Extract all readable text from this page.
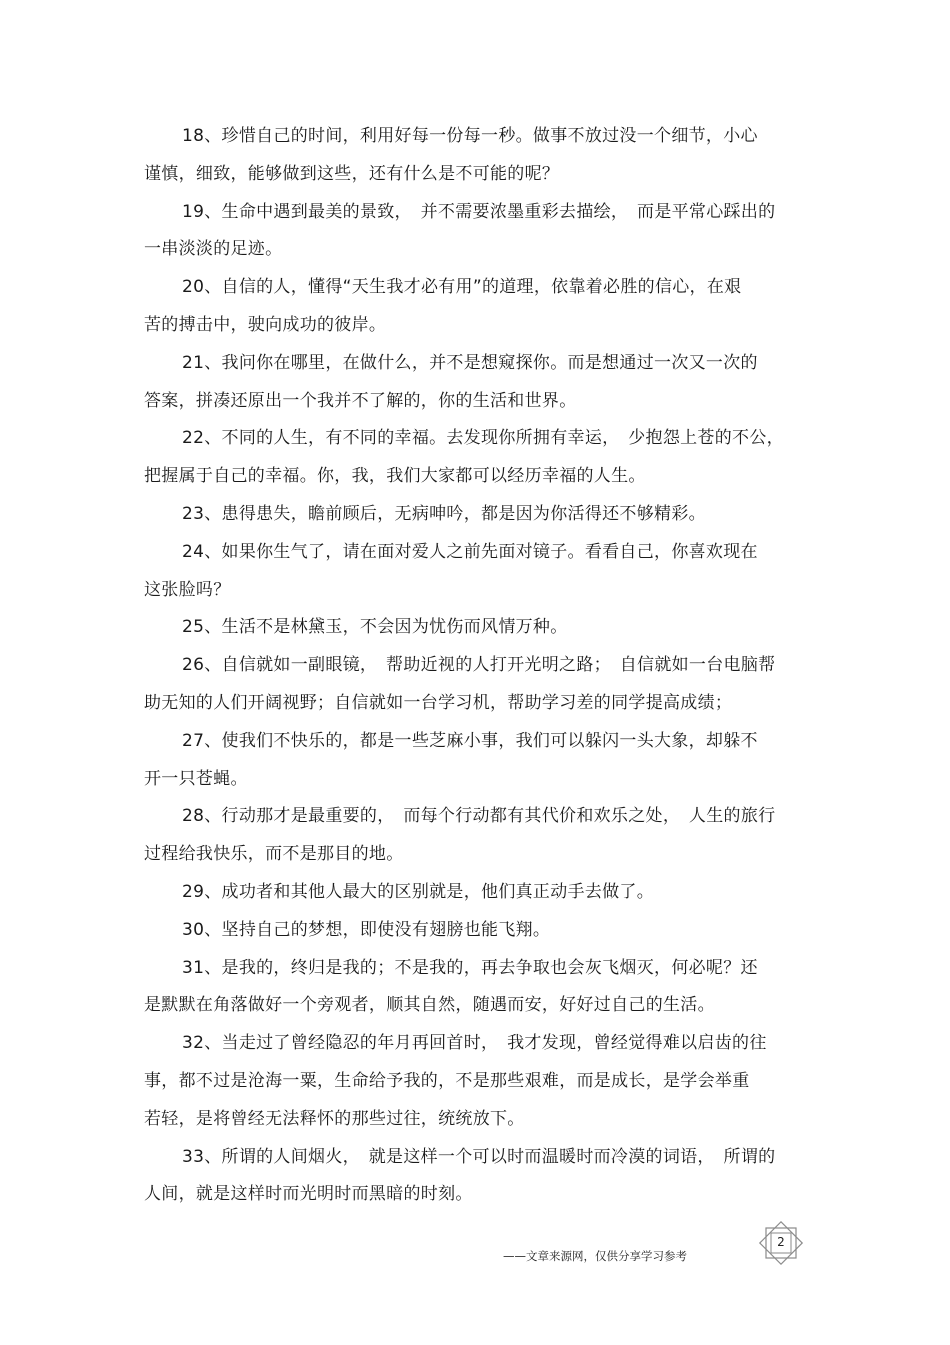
18、珍惜自己的时间，利用好每一份每一秒。做事不放过没一个细节，小心
谨慎，细致，能够做到这些，还有什么是不可能的呢？
19、生命中遇到最美的景致，　并不需要浓墨重彩去描绘，　而是平常心踩出的
一串淡淡的足迹。
20、自信的人，懂得“天生我才必有用”的道理，依靠着必胜的信心，在艰
苦的搏击中，驶向成功的彼岸。
21、我问你在哪里，在做什么，并不是想窥探你。而是想通过一次又一次的
答案，拼凑还原出一个我并不了解的，你的生活和世界。
22、不同的人生，有不同的幸福。去发现你所拥有幸运，　少抱怨上苍的不公，
把握属于自己的幸福。你，我，我们大家都可以经历幸福的人生。
23、患得患失，瞻前顾后，无病呻吟，都是因为你活得还不够精彩。
24、如果你生气了，请在面对爱人之前先面对镜子。看看自己，你喜欢现在
这张脸吗？
25、生活不是林黛玉，不会因为忧伤而风情万种。
26、自信就如一副眼镜，　帮助近视的人打开光明之路；　自信就如一台电脑帮
助无知的人们开阔视野；自信就如一台学习机，帮助学习差的同学提高成绩；
27、使我们不快乐的，都是一些芝麻小事，我们可以躲闪一头大象，却躲不
开一只苍蝇。
28、行动那才是最重要的，　而每个行动都有其代价和欢乐之处，　人生的旅行
过程给我快乐，而不是那目的地。
29、成功者和其他人最大的区别就是，他们真正动手去做了。
30、坚持自己的梦想，即使没有翅膀也能飞翔。
31、是我的，终归是我的；不是我的，再去争取也会灰飞烟灭，何必呢？还
是默默在角落做好一个旁观者，顺其自然，随遇而安，好好过自己的生活。
32、当走过了曾经隐忍的年月再回首时，　我才发现，曾经觉得难以启齿的往
事，都不过是沧海一粟，生命给予我的，不是那些艰难，而是成长，是学会举重
若轻，是将曾经无法释怀的那些过往，统统放下。
33、所谓的人间烟火，　就是这样一个可以时而温暖时而冷漠的词语，　所谓的
人间，就是这样时而光明时而黑暗的时刻。
2
——文章来源网，仅供分享学习参考
